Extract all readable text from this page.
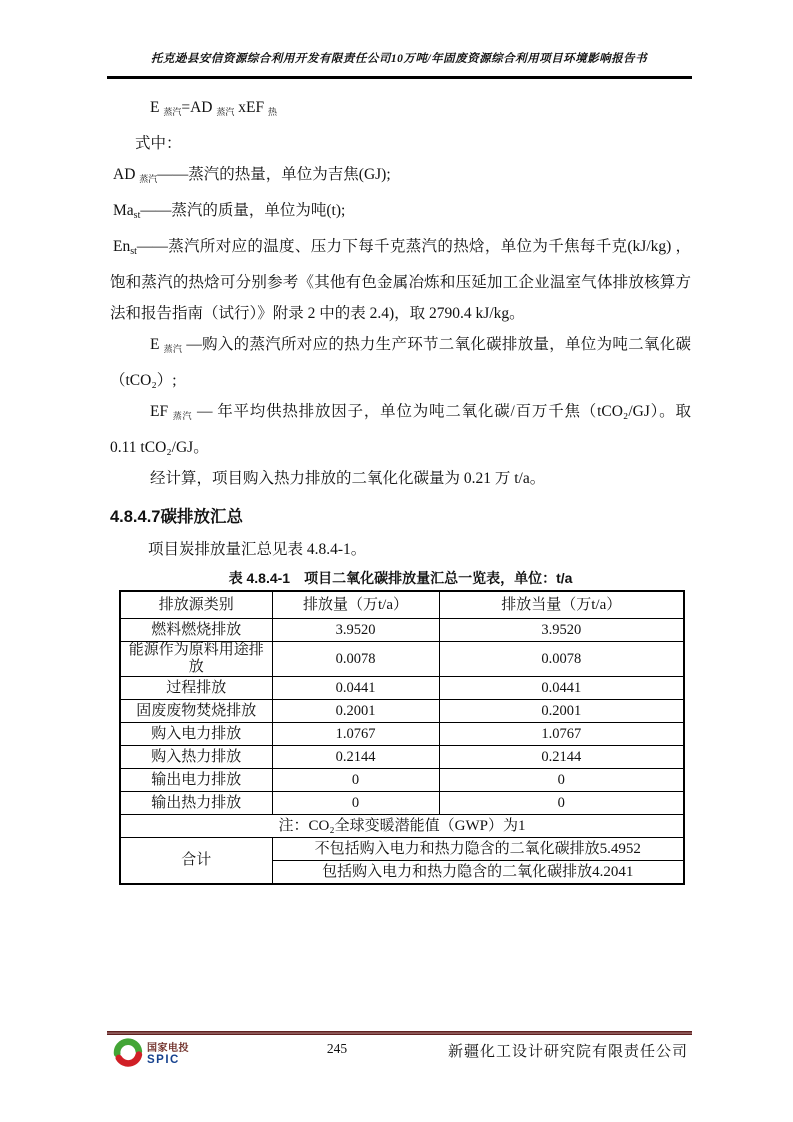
托克逊县安信资源综合利用开发有限责任公司10万吨/年固废资源综合利用项目环境影响报告书

E $_{蒸汽}$=AD $_{蒸汽}$ xEF $_热$

式中：

AD $_{蒸汽}$——蒸汽的热量，单位为吉焦(GJ);

$Ma_{st}——$蒸汽的质量，单位为吨(t);

$En_{st}——$蒸汽所对应的温度、压力下每千克蒸汽的热焓，单位为千焦每千克(kJ/kg) ，饱和蒸汽的热焓可分别参考《其他有色金属冶炼和压延加工企业温室气体排放核算方法和报告指南（试行）》附录 2 中的表 2.4)，取 2790.4 kJ/kg。

E $_{蒸汽}$ —购入的蒸汽所对应的热力生产环节二氧化碳排放量，单位为吨二氧化碳（tCO₂）;

EF $_{蒸汽}$ — 年平均供热排放因子，单位为吨二氧化碳/百万千焦（tCO₂/GJ）。取 0.11 tCO₂/GJ。

经计算，项目购入热力排放的二氧化化碳量为 0.21 万 t/a。

4.8.4.7碳排放汇总

项目炭排放量汇总见表 4.8.4-1。

表 4.8.4-1　项目二氧化碳排放量汇总一览表，单位：t/a
排放源类别	排放量（万t/a）	排放当量（万t/a）
燃料燃烧排放	3.9520	3.9520
能源作为原料用途排放	0.0078	0.0078
过程排放	0.0441	0.0441
固废废物焚烧排放	0.2001	0.2001
购入电力排放	1.0767	1.0767
购入热力排放	0.2144	0.2144
输出电力排放	0	0
输出热力排放	0	0
注：CO₂全球变暖潜能值（GWP）为1		
合计	不包括购入电力和热力隐含的二氧化碳排放5.4952	
	包括购入电力和热力隐含的二氧化碳排放4.2041	
国家电投
SPIC
245	新疆化工设计研究院有限责任公司
